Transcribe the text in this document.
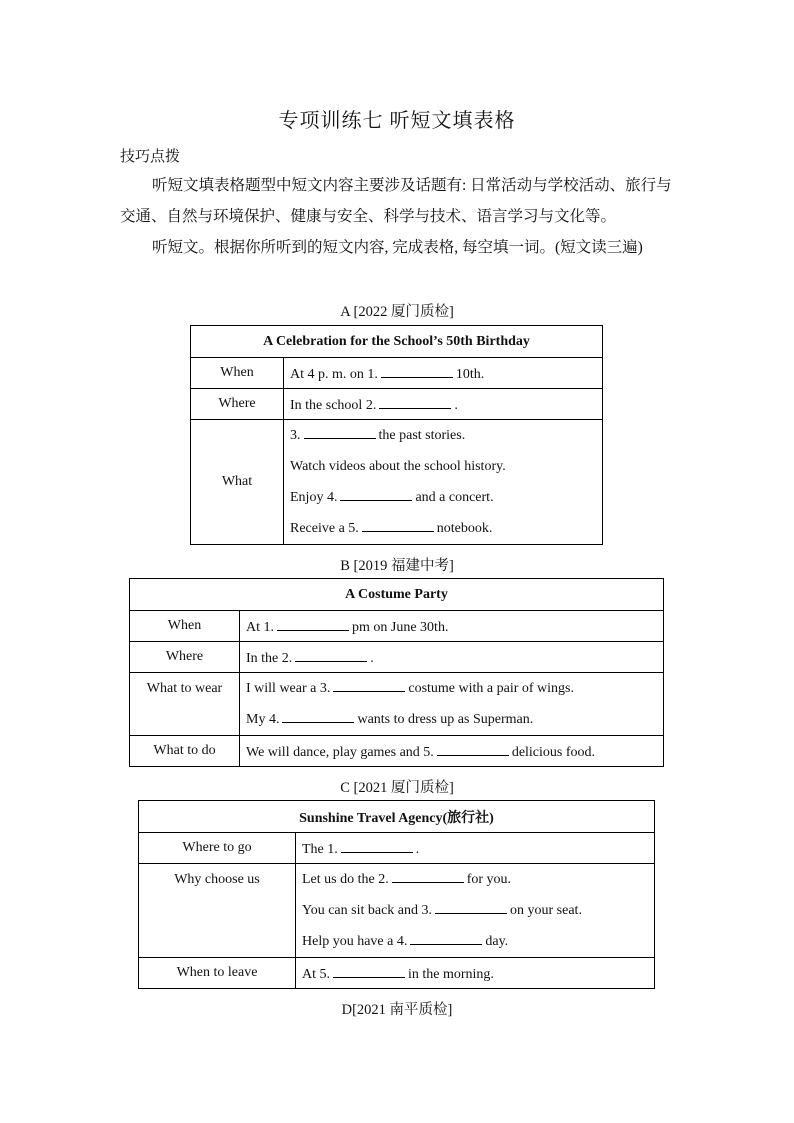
专项训练七 听短文填表格
技巧点拨
听短文填表格题型中短文内容主要涉及话题有: 日常活动与学校活动、旅行与交通、自然与环境保护、健康与安全、科学与技术、语言学习与文化等。
听短文。根据你所听到的短文内容, 完成表格, 每空填一词。(短文读三遍)
A [2022 厦门质检]
A Celebration for the School’s 50th Birthday	
When	At 4 p. m. on 1. 10th.
Where	In the school 2. .
What	3. the past stories.
Watch videos about the school history.
Enjoy 4. and a concert.
Receive a 5. notebook.
B [2019 福建中考]
A Costume Party	
When	At 1. pm on June 30th.
Where	In the 2. .
What to wear	I will wear a 3. costume with a pair of wings.
My 4. wants to dress up as Superman.

What to do	We will dance, play games and 5. delicious food.
C [2021 厦门质检]
Sunshine Travel Agency(旅行社)	
Where to go	The 1. .
Why choose us	Let us do the 2. for you.
You can sit back and 3. on your seat.
Help you have a 4. day.

When to leave	At 5. in the morning.
D[2021 南平质检]
